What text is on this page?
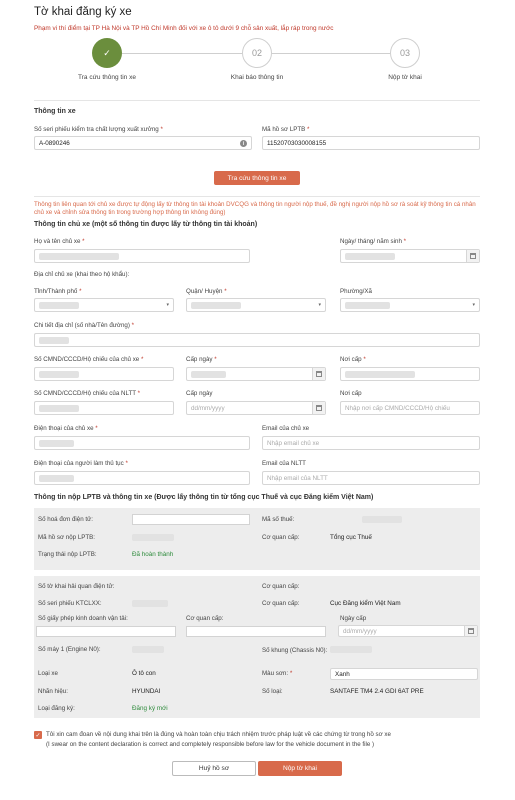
Tờ khai đăng ký xe
Phạm vi thí điểm tại TP Hà Nội và TP Hồ Chí Minh đối với xe ô tô dưới 9 chỗ sản xuất, lắp ráp trong nước
✓	02	03
Tra cứu thông tin xe	Khai báo thông tin	Nộp tờ khai
Thông tin xe
Số seri phiếu kiểm tra chất lượng xuất xưởng *
A-0890246	i
Mã hồ sơ LPTB *
11520703030008155
Tra cứu thông tin xe
Thông tin liên quan tới chủ xe được tự động lấy từ thông tin tài khoản DVCQG và thông tin người nộp thuế, đề nghị người nộp hồ sơ rà soát kỹ thông tin cá nhân chủ xe và chỉnh sửa thông tin trong trường hợp thông tin không đúng)
Thông tin chủ xe (một số thông tin được lấy từ thông tin tài khoản)
Họ và tên chủ xe *	Ngày/ tháng/ năm sinh *
Địa chỉ chủ xe (khai theo hộ khẩu):
Tỉnh/Thành phố *
▾
Quận/ Huyện *
▾
Phường/Xã
▾
Chi tiết địa chỉ (số nhà/Tên đường) *
Số CMND/CCCD/Hộ chiếu của chủ xe *	Cấp ngày *	Nơi cấp *
Số CMND/CCCD/Hộ chiếu của NLTT *	Cấp ngày
dd/mm/yyyy
Nơi cấp
Nhập nơi cấp CMND/CCCD/Hộ chiếu
Điện thoại của chủ xe *	Email của chủ xe
Nhập email chủ xe
Điện thoại của người làm thủ tục *	Email của NLTT
Nhập email của NLTT
Thông tin nộp LPTB và thông tin xe (Được lấy thông tin từ tổng cục Thuế và cục Đăng kiểm Việt Nam)
Số hoá đơn điện tử:	Mã số thuế:
Mã hồ sơ nộp LPTB:	Cơ quan cấp:	Tổng cục Thuế
Trạng thái nộp LPTB:	Đã hoàn thành
Số tờ khai hải quan điện tử:	Cơ quan cấp:
Số seri phiếu KTCLXX:	Cơ quan cấp:	Cục Đăng kiểm Việt Nam
Số giấy phép kinh doanh vận tải:	Cơ quan cấp:	Ngày cấp
dd/mm/yyyy
Số máy 1 (Engine N0):	Số khung (Chassis N0):
Loại xe	Ô tô con	Màu sơn: *	Xanh
Nhãn hiệu:	HYUNDAI	Số loại:	SANTAFE TM4 2.4 GDI 6AT PRE
Loại đăng ký:	Đăng ký mới
✓ Tôi xin cam đoan về nội dung khai trên là đúng và hoàn toàn chịu trách nhiệm trước pháp luật về các chứng từ trong hồ sơ xe
(I swear on the content declaration is correct and completely responsible before law for the vehicle document in the file )
Huỷ hồ sơ	Nộp tờ khai
